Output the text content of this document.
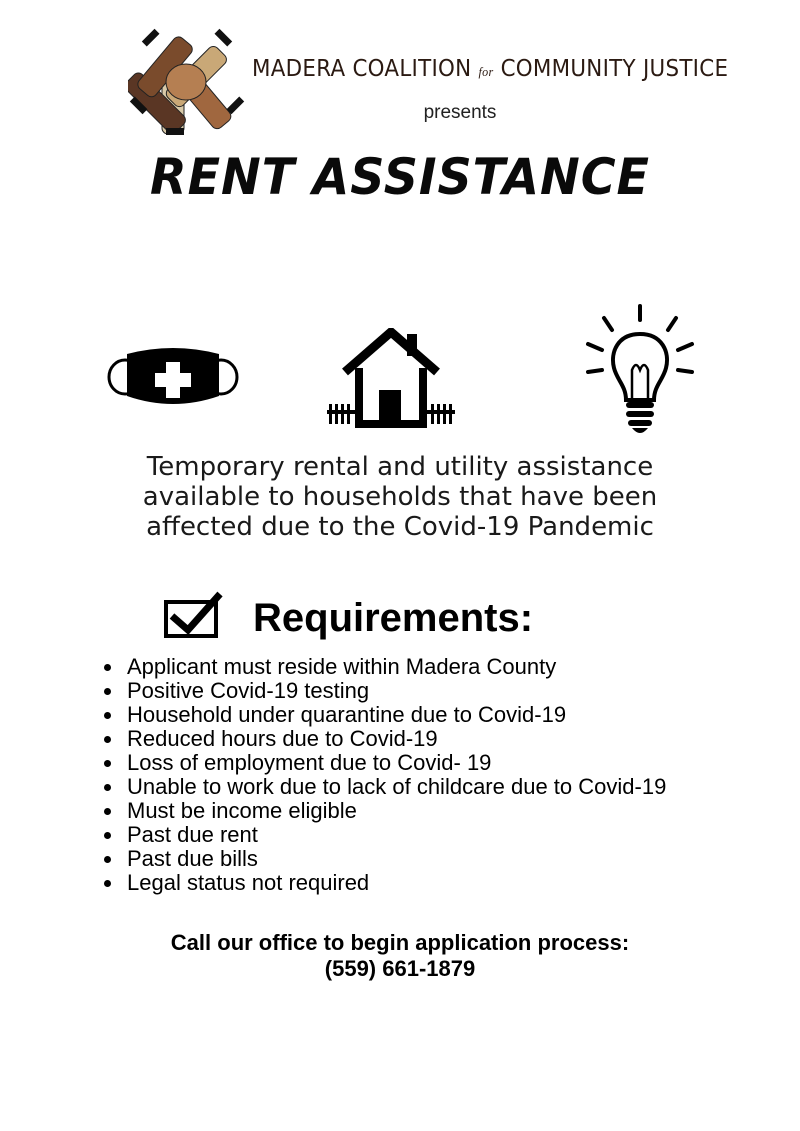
MADERA COALITION for COMMUNITY JUSTICE
presents
RENT ASSISTANCE
Temporary rental and utility assistance available to households that have been affected due to the Covid-19 Pandemic
Requirements:
Applicant must reside within Madera County
Positive Covid-19 testing
Household under quarantine due to Covid-19
Reduced hours due to Covid-19
Loss of employment due to Covid- 19
Unable to work due to lack of childcare due to Covid-19
Must be income eligible
Past due rent
Past due bills
Legal status not required
Call our office to begin application process:
(559) 661-1879
